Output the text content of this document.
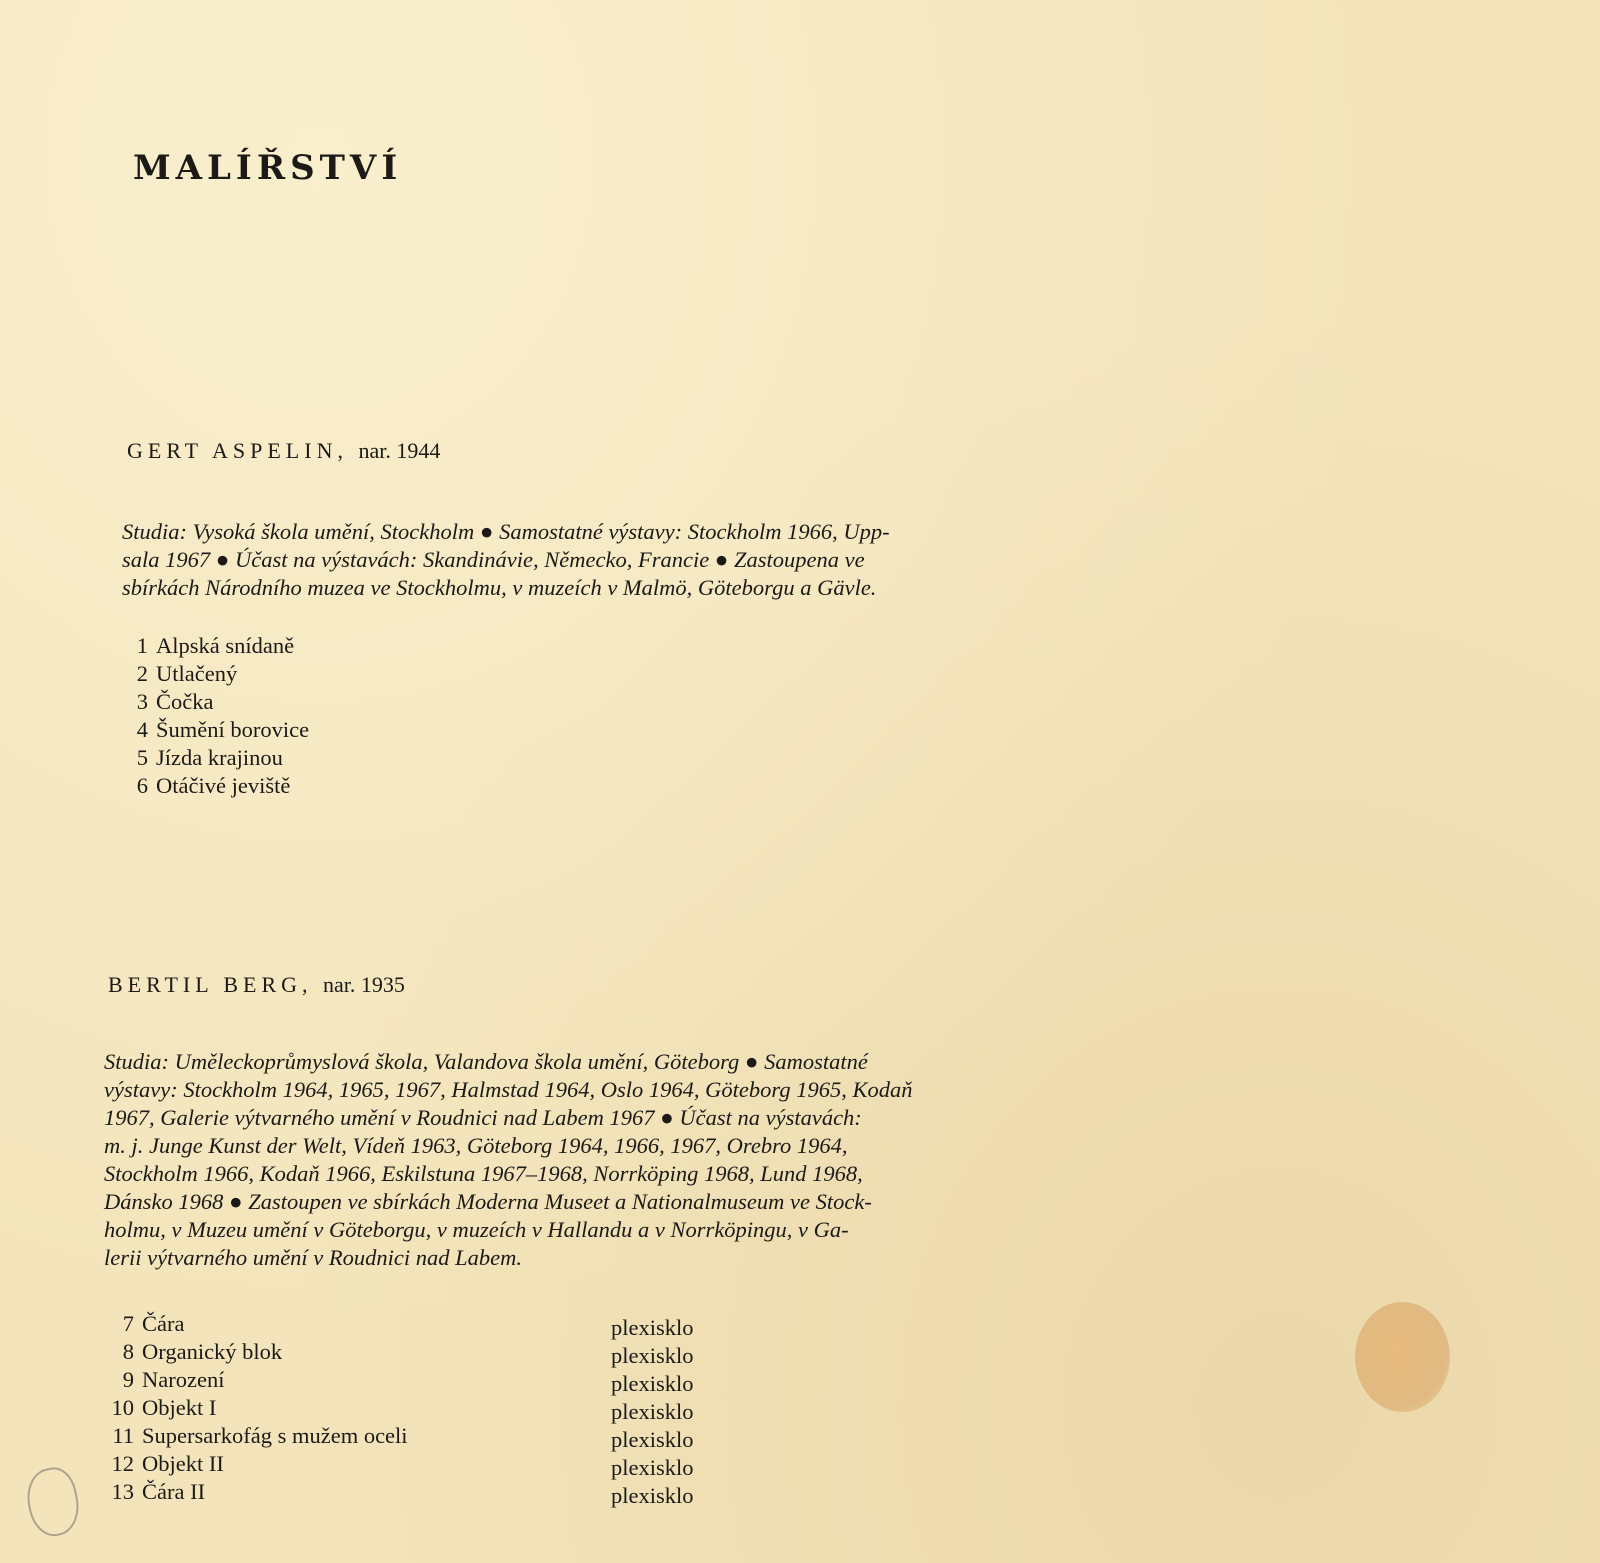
MALÍŘSTVÍ
GERT ASPELIN, nar. 1944
Studia: Vysoká škola umění, Stockholm ● Samostatné výstavy: Stockholm 1966, Upp-
sala 1967 ● Účast na výstavách: Skandinávie, Německo, Francie ● Zastoupena ve
sbírkách Národního muzea ve Stockholmu, v muzeích v Malmö, Göteborgu a Gävle.
1 Alpská snídaně
2 Utlačený
3 Čočka
4 Šumění borovice
5 Jízda krajinou
6 Otáčivé jeviště
BERTIL BERG, nar. 1935
Studia: Uměleckoprůmyslová škola, Valandova škola umění, Göteborg ● Samostatné
výstavy: Stockholm 1964, 1965, 1967, Halmstad 1964, Oslo 1964, Göteborg 1965, Kodaň
1967, Galerie výtvarného umění v Roudnici nad Labem 1967 ● Účast na výstavách:
m. j. Junge Kunst der Welt, Vídeň 1963, Göteborg 1964, 1966, 1967, Orebro 1964,
Stockholm 1966, Kodaň 1966, Eskilstuna 1967–1968, Norrköping 1968, Lund 1968,
Dánsko 1968 ● Zastoupen ve sbírkách Moderna Museet a Nationalmuseum ve Stock-
holmu, v Muzeu umění v Göteborgu, v muzeích v Hallandu a v Norrköpingu, v Ga-
lerii výtvarného umění v Roudnici nad Labem.
7 Čára	plexisklo
8 Organický blok	plexisklo
9 Narození	plexisklo
10 Objekt I	plexisklo
11 Supersarkofág s mužem oceli	plexisklo
12 Objekt II	plexisklo
13 Čára II	plexisklo
